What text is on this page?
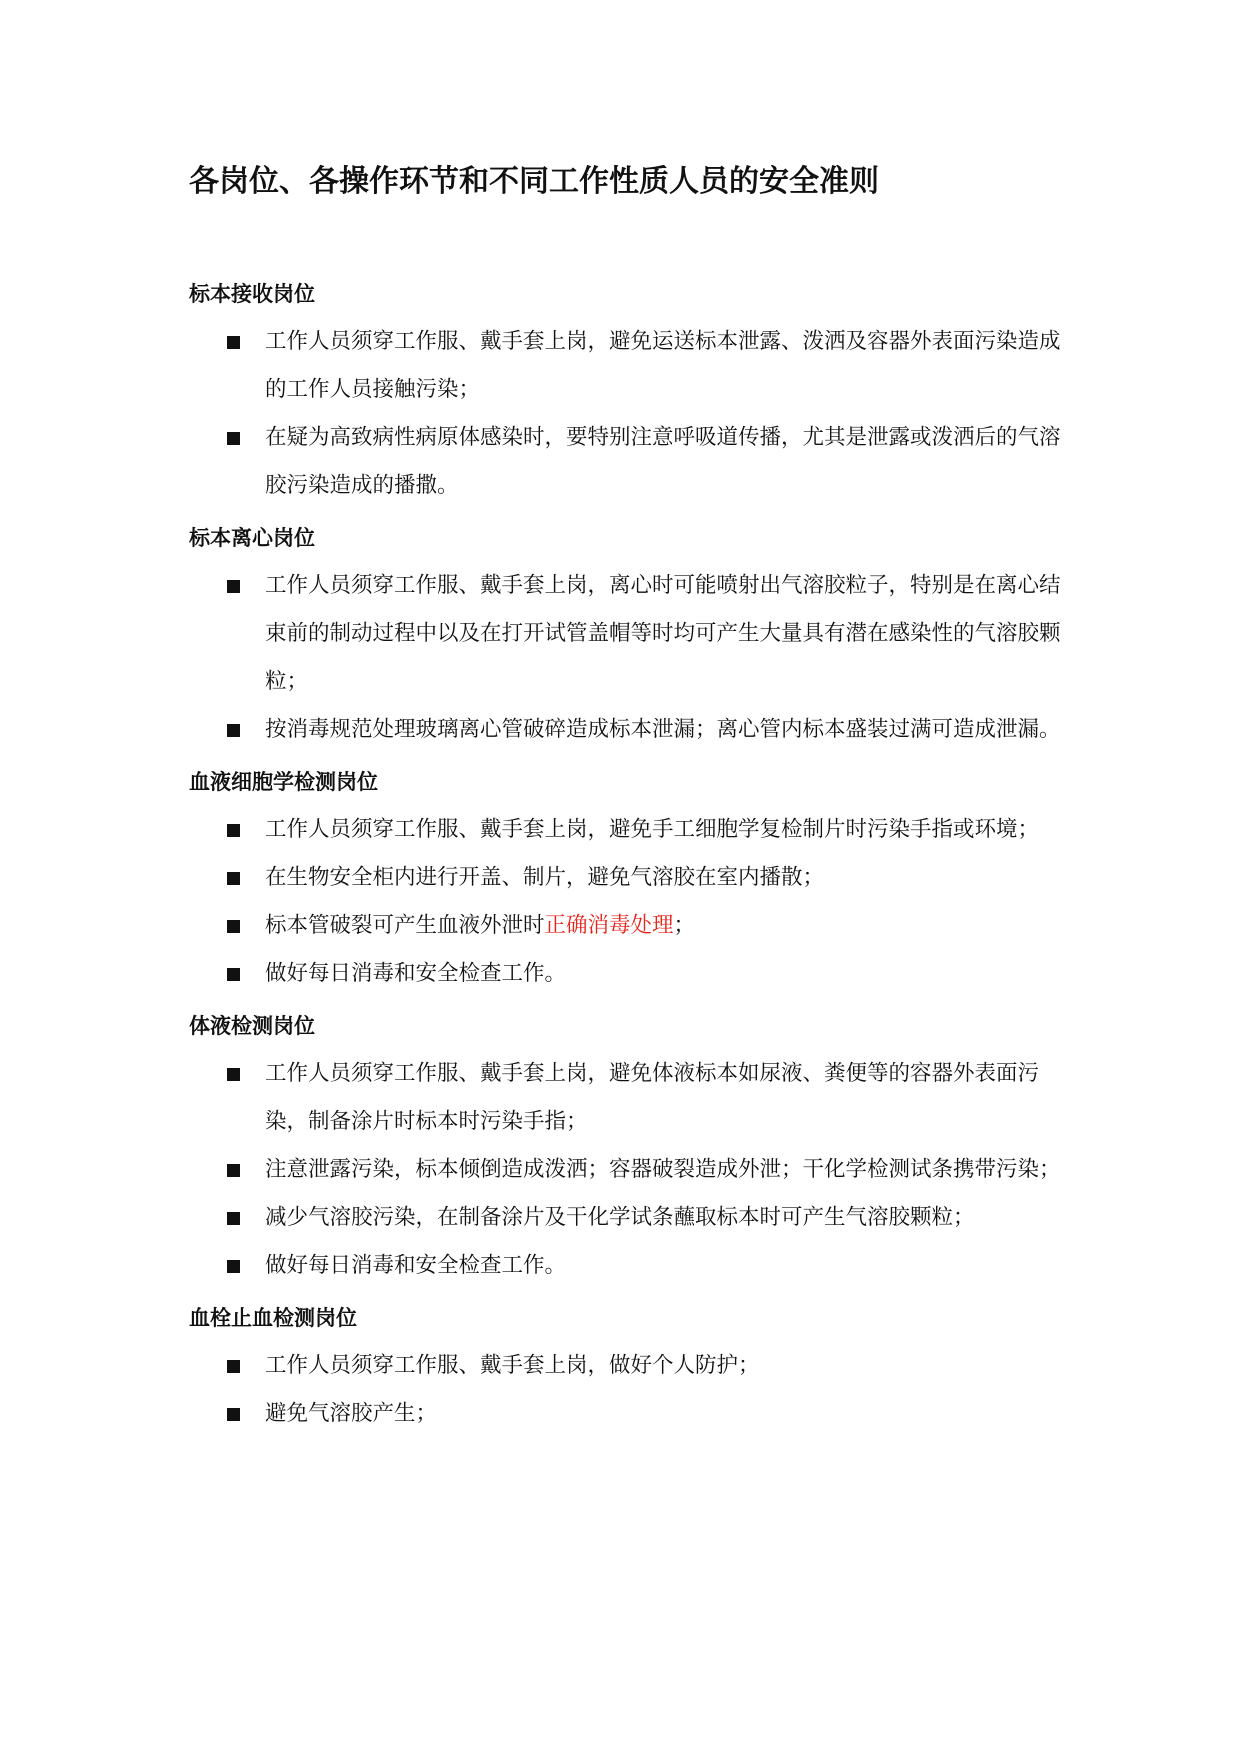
各岗位、各操作环节和不同工作性质人员的安全准则
标本接收岗位
工作人员须穿工作服、戴手套上岗，避免运送标本泄露、泼洒及容器外表面污染造成的工作人员接触污染；
在疑为高致病性病原体感染时，要特别注意呼吸道传播，尤其是泄露或泼洒后的气溶胶污染造成的播撒。
标本离心岗位
工作人员须穿工作服、戴手套上岗，离心时可能喷射出气溶胶粒子，特别是在离心结束前的制动过程中以及在打开试管盖帽等时均可产生大量具有潜在感染性的气溶胶颗粒；
按消毒规范处理玻璃离心管破碎造成标本泄漏；离心管内标本盛装过满可造成泄漏。
血液细胞学检测岗位
工作人员须穿工作服、戴手套上岗，避免手工细胞学复检制片时污染手指或环境；
在生物安全柜内进行开盖、制片，避免气溶胶在室内播散；
标本管破裂可产生血液外泄时正确消毒处理；
做好每日消毒和安全检查工作。
体液检测岗位
工作人员须穿工作服、戴手套上岗，避免体液标本如尿液、粪便等的容器外表面污染，制备涂片时标本时污染手指；
注意泄露污染，标本倾倒造成泼洒；容器破裂造成外泄；干化学检测试条携带污染；
减少气溶胶污染，在制备涂片及干化学试条蘸取标本时可产生气溶胶颗粒；
做好每日消毒和安全检查工作。
血栓止血检测岗位
工作人员须穿工作服、戴手套上岗，做好个人防护；
避免气溶胶产生；
